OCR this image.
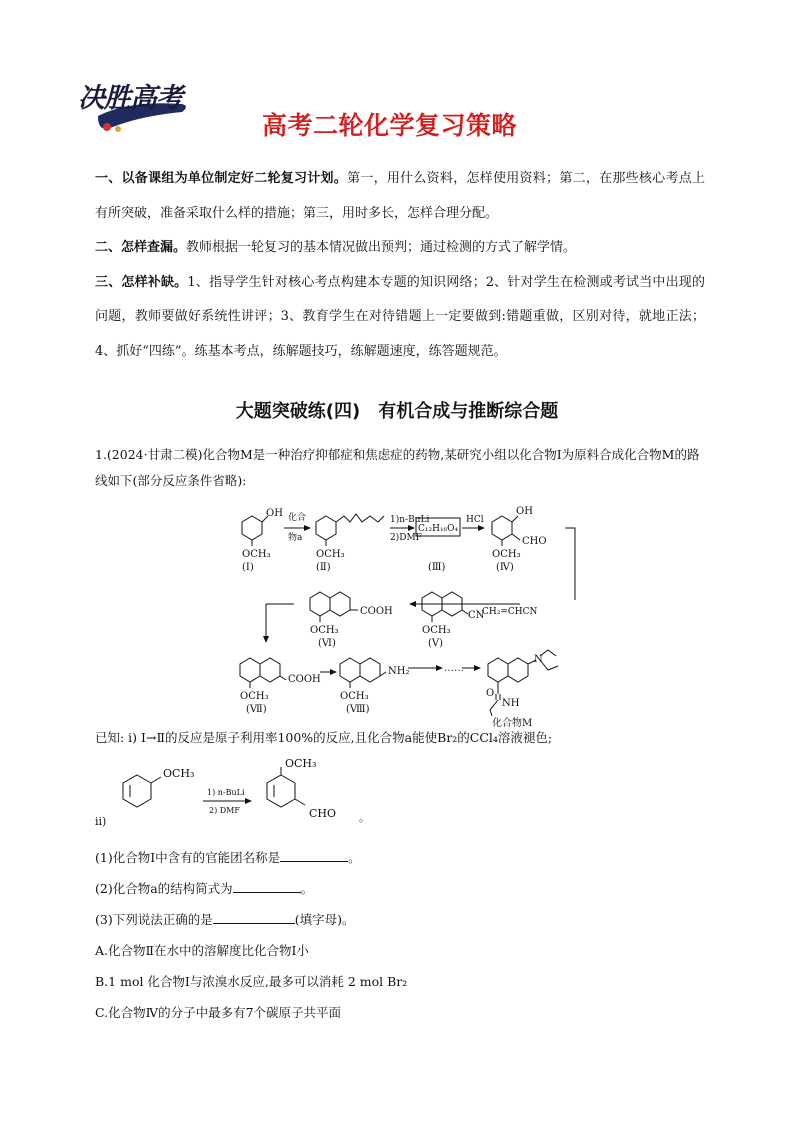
决胜高考
高考二轮化学复习策略

一、以备课组为单位制定好二轮复习计划。第一，用什么资料，怎样使用资料；第二，在那些核心考点上有所突破，准备采取什么样的措施；第三，用时多长，怎样合理分配。

二、怎样查漏。教师根据一轮复习的基本情况做出预判；通过检测的方式了解学情。

三、怎样补缺。1、指导学生针对核心考点构建本专题的知识网络；2、针对学生在检测或考试当中出现的问题，教师要做好系统性讲评；3、教育学生在对待错题上一定要做到:错题重做，区别对待，就地正法；4、抓好“四练”。练基本考点，练解题技巧，练解题速度，练答题规范。

大题突破练(四)　有机合成与推断综合题

1.(2024·甘肃二模)化合物M是一种治疗抑郁症和焦虑症的药物,某研究小组以化合物Ⅰ为原料合成化合物M的路线如下(部分反应条件省略):

OH
OCH₃
(Ⅰ)
化合
物a
OCH₃
(Ⅱ)
1)n-BuLi
2)DMF
C₁₂H₁₆O₄
(Ⅲ)
HCl
OH
CHO
OCH₃
(Ⅳ)
CH₂=CHCN
CN
OCH₃
(Ⅴ)
COOH
OCH₃
(Ⅵ)
COOH
OCH₃
(Ⅶ)
NH₂
OCH₃
(Ⅷ)
……
N
O
NH
化合物M
已知: ⅰ) Ⅰ→Ⅱ的反应是原子利用率100%的反应,且化合物a能使Br₂的CCl₄溶液褪色;
ⅱ)
OCH₃
1) n-BuLi
2) DMF
OCH₃
CHO 。

(1)化合物Ⅰ中含有的官能团名称是	。

(2)化合物a的结构简式为	。

(3)下列说法正确的是	(填字母)。

A.化合物Ⅱ在水中的溶解度比化合物Ⅰ小

B.1 mol 化合物Ⅰ与浓溴水反应,最多可以消耗 2 mol Br₂

C.化合物Ⅳ的分子中最多有7个碳原子共平面
